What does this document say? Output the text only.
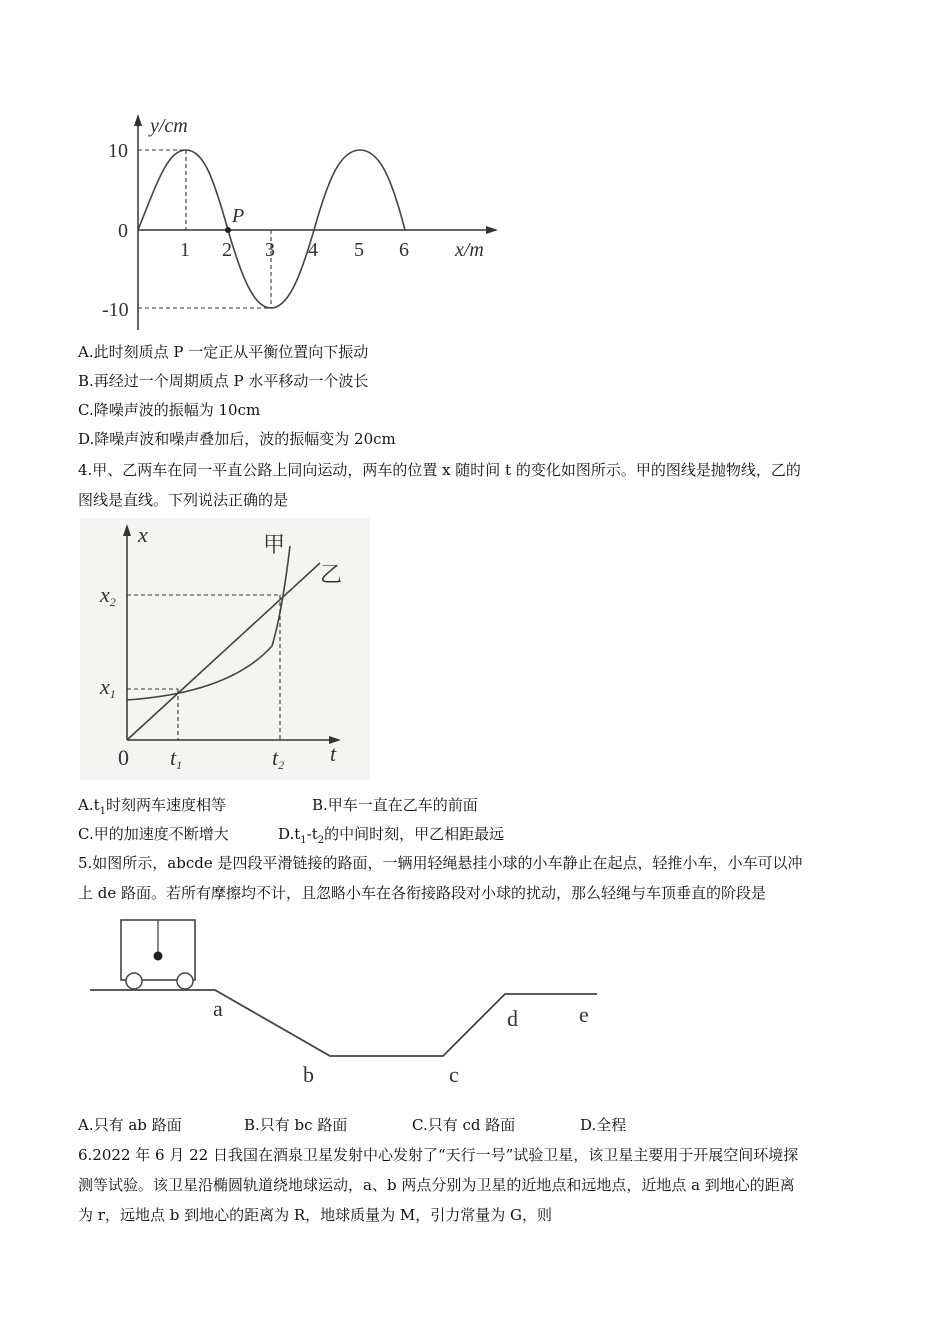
y/cm
10
0
-10
1 2 3 4 5 6 x/m
P
A.此时刻质点 P 一定正从平衡位置向下振动
B.再经过一个周期质点 P 水平移动一个波长
C.降噪声波的振幅为 10cm
D.降噪声波和噪声叠加后，波的振幅变为 20cm
4.甲、乙两车在同一平直公路上同向运动，两车的位置 x 随时间 t 的变化如图所示。甲的图线是抛物线，乙的
图线是直线。下列说法正确的是
x
t
x2
x1
t1	t2
0
甲
乙
$A.t_1$时刻两车速度相等	B.甲车一直在乙车的前面
C.甲的加速度不断增大	$D.t_1-t_2$的中间时刻，甲乙相距最远
5.如图所示，abcde 是四段平滑链接的路面，一辆用轻绳悬挂小球的小车静止在起点，轻推小车，小车可以冲
上 de 路面。若所有摩擦均不计，且忽略小车在各衔接路段对小球的扰动，那么轻绳与车顶垂直的阶段是
a
b	c
d	e
A.只有 ab 路面	B.只有 bc 路面	C.只有 cd 路面	D.全程
6.2022 年 6 月 22 日我国在酒泉卫星发射中心发射了“天行一号”试验卫星，该卫星主要用于开展空间环境探
测等试验。该卫星沿椭圆轨道绕地球运动，a、b 两点分别为卫星的近地点和远地点，近地点 a 到地心的距离
为 r，远地点 b 到地心的距离为 R，地球质量为 M，引力常量为 G，则
